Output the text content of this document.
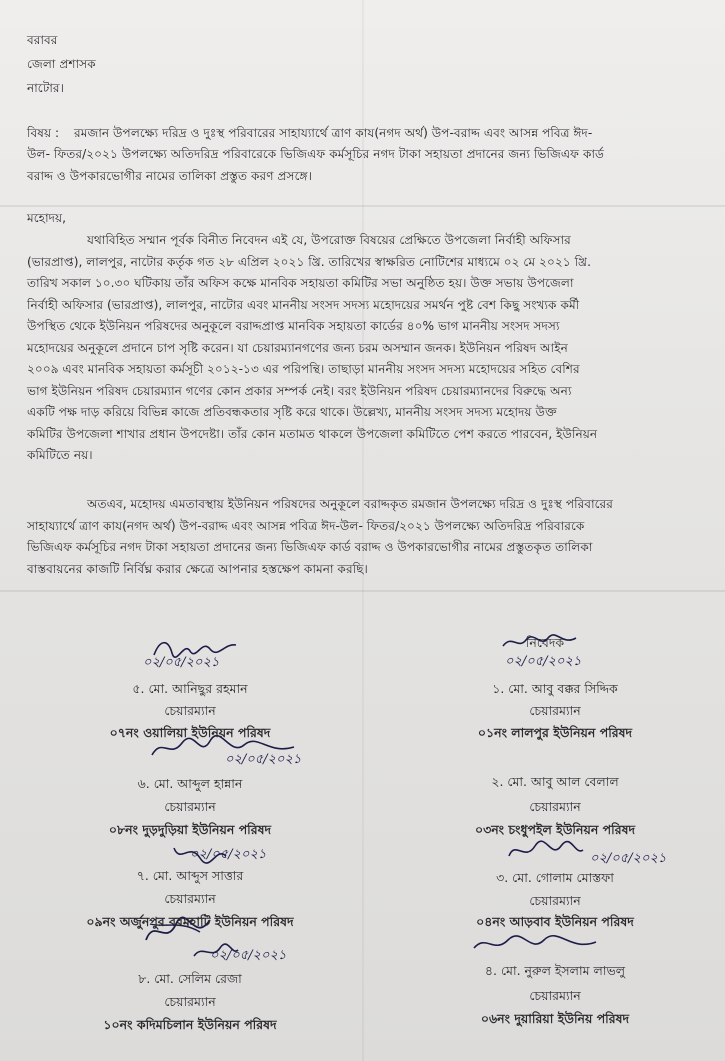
বরাবর
জেলা প্রশাসক
নাটোর।
বিষয় : রমজান উপলক্ষ্যে দরিদ্র ও দুঃস্থ পরিবারের সাহায্যার্থে ত্রাণ কায(নগদ অর্থ) উপ-বরাদ্দ এবং আসন্ন পবিত্র ঈদ-
উল- ফিতর/২০২১ উপলক্ষ্যে অতিদরিদ্র পরিবারেকে ভিজিএফ কর্মসূচির নগদ টাকা সহায়তা প্রদানের জন্য ভিজিএফ কার্ড
বরাদ্দ ও উপকারভোগীর নামের তালিকা প্রস্তুত করণ প্রসঙ্গে।
মহোদয়,
যথাবিহিত সম্মান পূর্বক বিনীত নিবেদন এই যে, উপরোক্ত বিষয়ের প্রেক্ষিতে উপজেলা নির্বাহী অফিসার
(ভারপ্রাপ্ত), লালপুর, নাটোর কর্তৃক গত ২৮ এপ্রিল ২০২১ খ্রি. তারিখের স্বাক্ষরিত নোটিশের মাধ্যমে ০২ মে ২০২১ খ্রি.
তারিখ সকাল ১০.৩০ ঘটিকায় তাঁর অফিস কক্ষে মানবিক সহায়তা কমিটির সভা অনুষ্ঠিত হয়। উক্ত সভায় উপজেলা
নির্বাহী অফিসার (ভারপ্রাপ্ত), লালপুর, নাটোর এবং মাননীয় সংসদ সদস্য মহোদয়ের সমর্থন পুষ্ট বেশ কিছু সংখ্যক কর্মী
উপস্থিত থেকে ইউনিয়ন পরিষদের অনুকূলে বরাদ্দপ্রাপ্ত মানবিক সহায়তা কার্ডের ৪০% ভাগ মাননীয় সংসদ সদস্য
মহোদয়ের অনুকূলে প্রদানে চাপ সৃষ্টি করেন। যা চেয়ারম্যানগণের জন্য চরম অসম্মান জনক। ইউনিয়ন পরিষদ আইন
২০০৯ এবং মানবিক সহায়তা কর্মসূচী ২০১২-১৩ এর পরিপন্থি। তাছাড়া মাননীয় সংসদ সদস্য মহোদয়ের সহিত বেশির
ভাগ ইউনিয়ন পরিষদ চেয়ারম্যান গণের কোন প্রকার সম্পর্ক নেই। বরং ইউনিয়ন পরিষদ চেয়ারম্যানদের বিরুদ্ধে অন্য
একটি পক্ষ দাড় করিয়ে বিভিন্ন কাজে প্রতিবন্ধকতার সৃষ্টি করে থাকে। উল্লেখ্য, মাননীয় সংসদ সদস্য মহোদয় উক্ত
কমিটির উপজেলা শাখার প্রধান উপদেষ্টা। তাঁর কোন মতামত থাকলে উপজেলা কমিটিতে পেশ করতে পারবেন, ইউনিয়ন
কমিটিতে নয়।
অতএব, মহোদয় এমতাবস্থায় ইউনিয়ন পরিষদের অনুকূলে বরাদ্দকৃত রমজান উপলক্ষ্যে দরিদ্র ও দুঃস্থ পরিবারের
সাহায্যার্থে ত্রাণ কায(নগদ অর্থ) উপ-বরাদ্দ এবং আসন্ন পবিত্র ঈদ-উল- ফিতর/২০২১ উপলক্ষ্যে অতিদরিদ্র পরিবারকে
ভিজিএফ কর্মসূচির নগদ টাকা সহায়তা প্রদানের জন্য ভিজিএফ কার্ড বরাদ্দ ও উপকারভোগীর নামের প্রস্তুতকৃত তালিকা
বাস্তবায়নের কাজটি নির্বিঘ্ন করার ক্ষেত্রে আপনার হস্তক্ষেপ কামনা করছি।
নিবেদক
০২/০৫/২০২১	০২/০৫/২০২১
০২/০৫/২০২১
০২/০৫/২০২১
০২/০৫/২০২১
০২/০৫/২০২১
৫. মো. আনিছুর রহমান
চেয়ারম্যান
০৭নং ওয়ালিয়া ইউনিয়ন পরিষদ
৬. মো. আব্দুল হান্নান
চেয়ারম্যান
০৮নং দুড়দুড়িয়া ইউনিয়ন পরিষদ
৭. মো. আব্দুস সাত্তার
চেয়ারম্যান
০৯নং অর্জুনপুর বরমহাটি ইউনিয়ন পরিষদ
৮. মো. সেলিম রেজা
চেয়ারম্যান
১০নং কদিমচিলান ইউনিয়ন পরিষদ
১. মো. আবু বক্কর সিদ্দিক
চেয়ারম্যান
০১নং লালপুর ইউনিয়ন পরিষদ
২. মো. আবু আল বেলাল
চেয়ারম্যান
০৩নং চংধুপইল ইউনিয়ন পরিষদ
৩. মো. গোলাম মোস্তফা
চেয়ারম্যান
০৪নং আড়বাব ইউনিয়ন পরিষদ
৪. মো. নুরুল ইসলাম লাভলু
চেয়ারম্যান
০৬নং দুয়ারিয়া ইউনিয় পরিষদ
